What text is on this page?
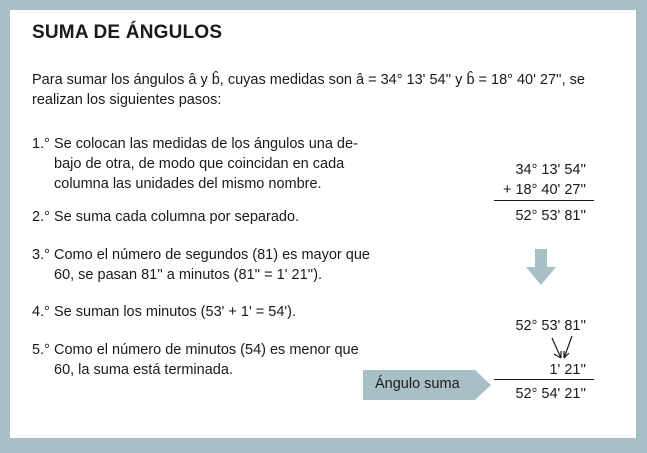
SUMA DE ÁNGULOS

Para sumar los ángulos â y b̂, cuyas medidas son â = 34° 13' 54'' y b̂ = 18° 40' 27'', se realizan los siguientes pasos:

1.° Se colocan las medidas de los ángulos una de-
bajo de otra, de modo que coincidan en cada
columna las unidades del mismo nombre.
2.° Se suma cada columna por separado.
3.° Como el número de segundos (81) es mayor que
60, se pasan 81'' a minutos (81'' = 1' 21'').
4.° Se suman los minutos (53' + 1' = 54').
5.° Como el número de minutos (54) es menor que
60, la suma está terminada.
34° 13' 54''
+ 18° 40' 27''
52° 53' 81''
52° 53' 81''
1' 21''
52° 54' 21''
Ángulo suma
